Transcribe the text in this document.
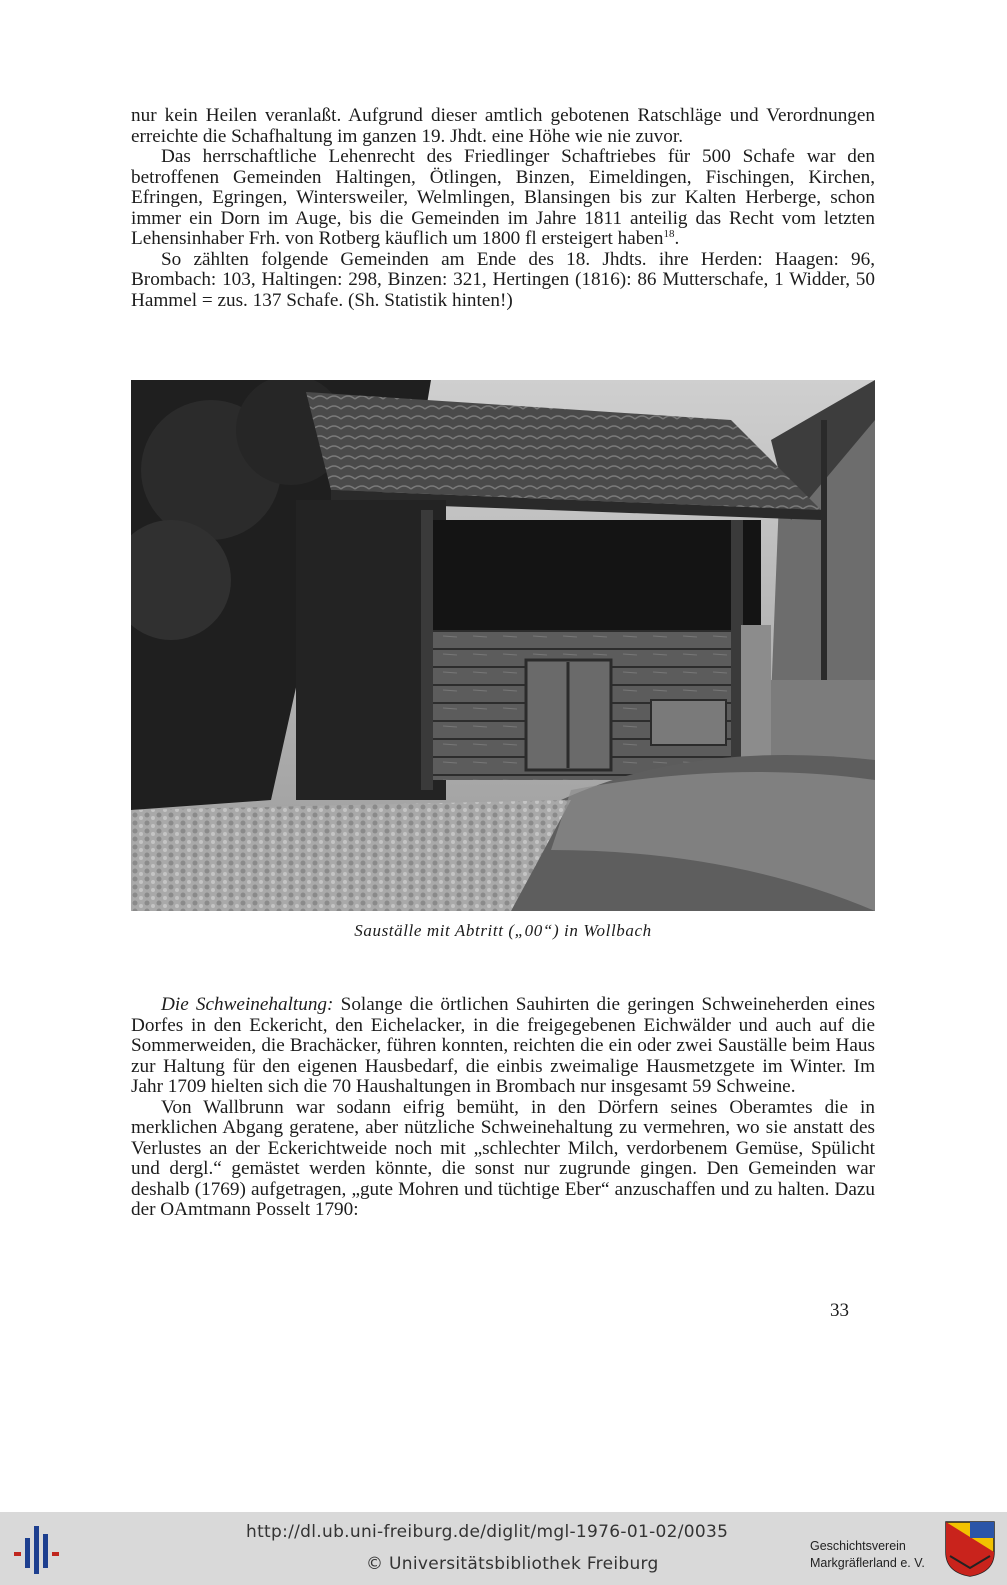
nur kein Heilen veranlaßt. Aufgrund dieser amtlich gebotenen Ratschläge und Verordnungen erreichte die Schafhaltung im ganzen 19. Jhdt. eine Höhe wie nie zuvor.

Das herrschaftliche Lehenrecht des Friedlinger Schaftriebes für 500 Schafe war den betroffenen Gemeinden Haltingen, Ötlingen, Binzen, Eimeldingen, Fischingen, Kirchen, Efringen, Egringen, Wintersweiler, Welmlingen, Blansingen bis zur Kalten Herberge, schon immer ein Dorn im Auge, bis die Gemeinden im Jahre 1811 anteilig das Recht vom letzten Lehensinhaber Frh. von Rotberg käuflich um 1800 fl ersteigert haben$^{18}$.

So zählten folgende Gemeinden am Ende des 18. Jhdts. ihre Herden: Haagen: 96, Brombach: 103, Haltingen: 298, Binzen: 321, Hertingen (1816): 86 Mutterschafe, 1 Widder, 50 Hammel = zus. 137 Schafe. (Sh. Statistik hinten!)

Sauställe mit Abtritt („00“) in Wollbach

Die Schweinehaltung: Solange die örtlichen Sauhirten die geringen Schweineherden eines Dorfes in den Eckericht, den Eichelacker, in die freigegebenen Eichwälder und auch auf die Sommerweiden, die Brachäcker, führen konnten, reichten die ein oder zwei Sauställe beim Haus zur Haltung für den eigenen Hausbedarf, die einbis zweimalige Hausmetzgete im Winter. Im Jahr 1709 hielten sich die 70 Haushaltungen in Brombach nur insgesamt 59 Schweine.

Von Wallbrunn war sodann eifrig bemüht, in den Dörfern seines Oberamtes die in merklichen Abgang geratene, aber nützliche Schweinehaltung zu vermehren, wo sie anstatt des Verlustes an der Eckerichtweide noch mit „schlechter Milch, verdorbenem Gemüse, Spülicht und dergl.“ gemästet werden könnte, die sonst nur zugrunde gingen. Den Gemeinden war deshalb (1769) aufgetragen, „gute Mohren und tüchtige Eber“ anzuschaffen und zu halten. Dazu der OAmtmann Posselt 1790:

33
http://dl.ub.uni-freiburg.de/diglit/mgl-1976-01-02/0035
© Universitätsbibliothek Freiburg
Geschichtsverein
Markgräflerland e. V.
